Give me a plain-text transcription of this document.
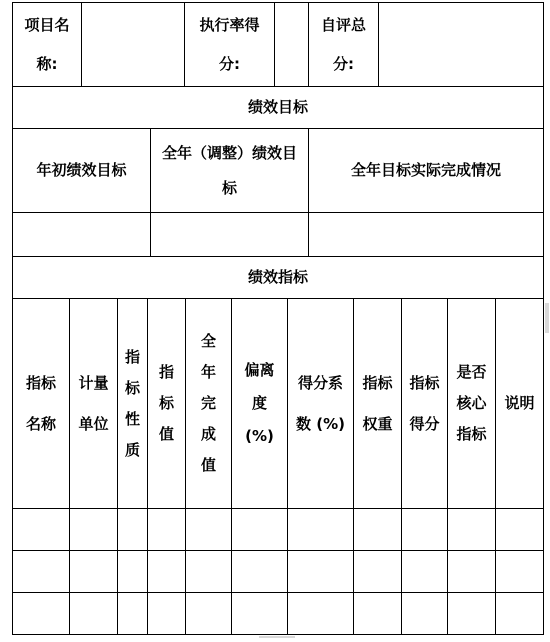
项目名
称:
执行率得
分:
自评总
分:
绩效目标
年初绩效目标
全年（调整）绩效目
标
全年目标实际完成情况
绩效指标
指标
名称
计量
单位
指
标
性
质
指
标
值
全
年
完
成
值
偏离
度
(%)
得分系
数 (%)
指标
权重
指标
得分
是否
核心
指标
说明
